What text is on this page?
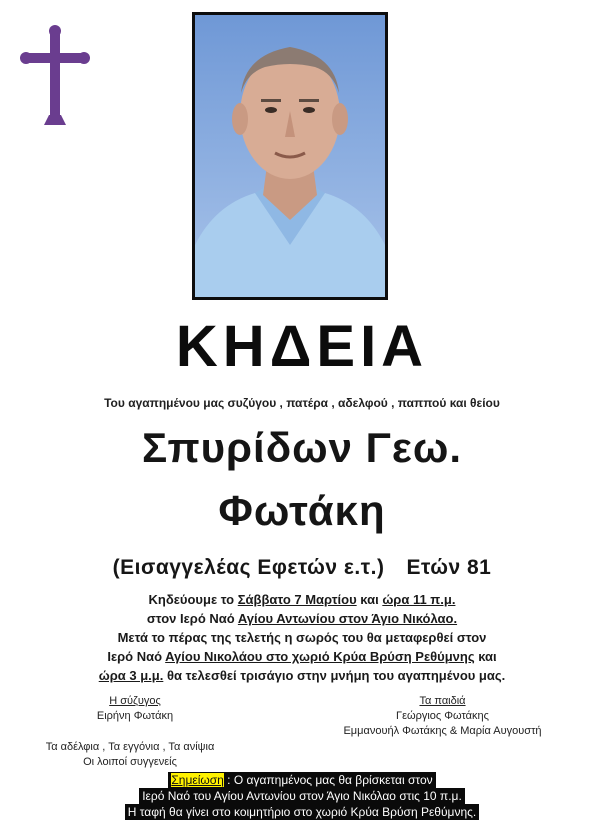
ΚΗΔΕΙΑ
Του αγαπημένου μας συζύγου , πατέρα , αδελφού , παππού και θείου
Σπυρίδων Γεω.
Φωτάκη
(Εισαγγελέας Εφετών ε.τ.) Ετών 81
Κηδεύουμε το Σάββατο 7 Μαρτίου και ώρα 11 π.μ.
στον Ιερό Ναό Αγίου Αντωνίου στον Άγιο Νικόλαο.
Μετά το πέρας της τελετής η σωρός του θα μεταφερθεί στον
Ιερό Ναό Αγίου Νικολάου στο χωριό Κρύα Βρύση Ρεθύμνης και
ώρα 3 μ.μ. θα τελεσθεί τρισάγιο στην μνήμη του αγαπημένου μας.
Η σύζυγος
Ειρήνη Φωτάκη
Τα παιδιά
Γεώργιος Φωτάκης
Εμμανουήλ Φωτάκης & Μαρία Αυγουστή
Τα αδέλφια , Τα εγγόνια , Τα ανίψια
Οι λοιποί συγγενείς
Σημείωση : Ο αγαπημένος μας θα βρίσκεται στον
Ιερό Ναό του Αγίου Αντωνίου στον Άγιο Νικόλαο στις 10 π.μ.
Η ταφή θα γίνει στο κοιμητήριο στο χωριό Κρύα Βρύση Ρεθύμνης.
